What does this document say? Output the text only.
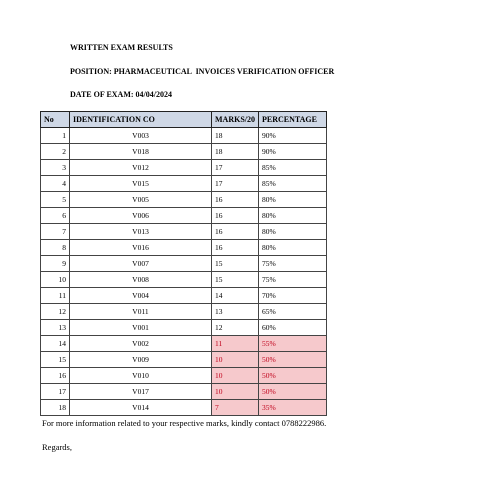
WRITTEN EXAM RESULTS
POSITION: PHARMACEUTICAL  INVOICES VERIFICATION OFFICER
DATE OF EXAM: 04/04/2024
No	IDENTIFICATION CO	MARKS/20	PERCENTAGE
1	V003	18	90%
2	V018	18	90%
3	V012	17	85%
4	V015	17	85%
5	V005	16	80%
6	V006	16	80%
7	V013	16	80%
8	V016	16	80%
9	V007	15	75%
10	V008	15	75%
11	V004	14	70%
12	V011	13	65%
13	V001	12	60%
14	V002	11	55%
15	V009	10	50%
16	V010	10	50%
17	V017	10	50%
18	V014	7	35%
For more information related to your respective marks, kindly contact 0788222986.
Regards,
